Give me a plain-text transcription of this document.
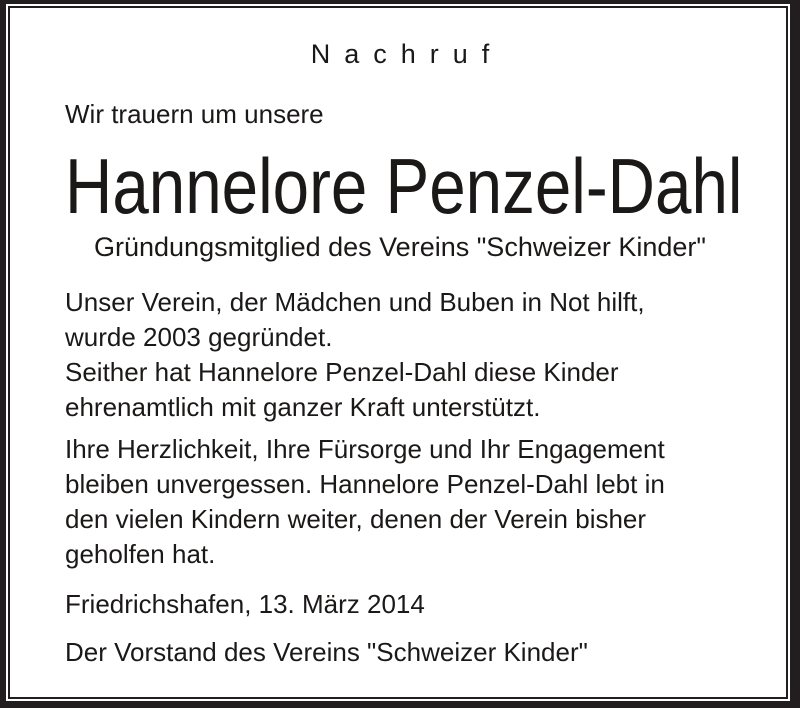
Nachruf
Wir trauern um unsere
Hannelore Penzel-Dahl
Gründungsmitglied des Vereins "Schweizer Kinder"
Unser Verein, der Mädchen und Buben in Not hilft,
wurde 2003 gegründet.
Seither hat Hannelore Penzel-Dahl diese Kinder
ehrenamtlich mit ganzer Kraft unterstützt.
Ihre Herzlichkeit, Ihre Fürsorge und Ihr Engagement
bleiben unvergessen. Hannelore Penzel-Dahl lebt in
den vielen Kindern weiter, denen der Verein bisher
geholfen hat.
Friedrichshafen, 13. März 2014
Der Vorstand des Vereins "Schweizer Kinder"
